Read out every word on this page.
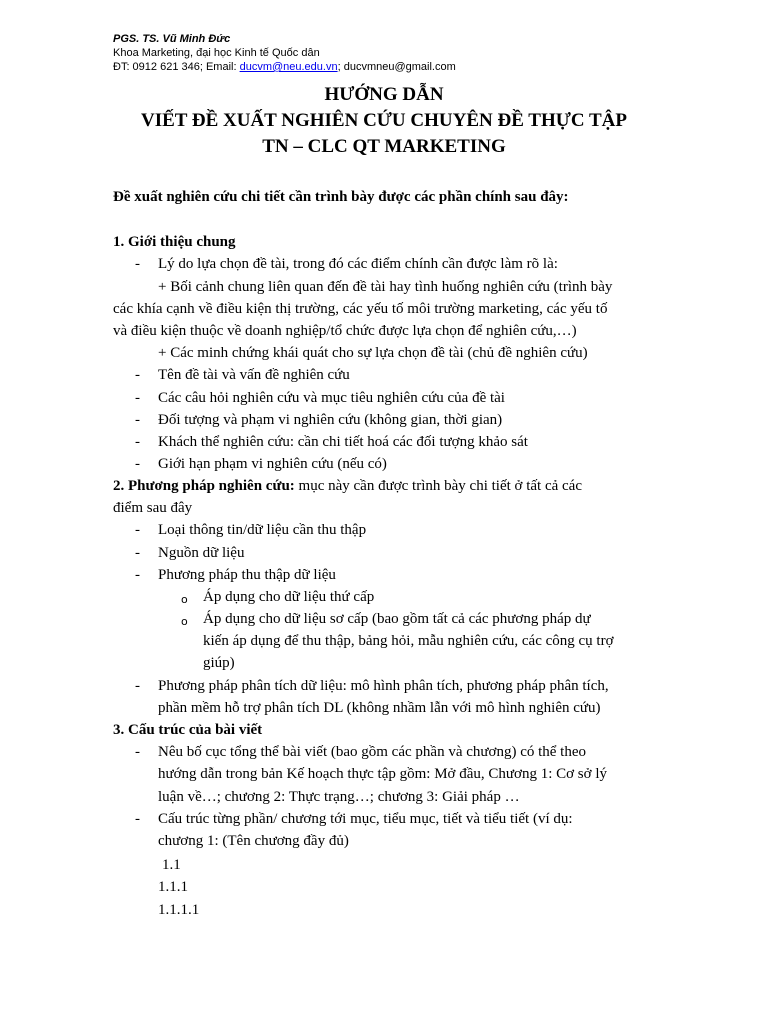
PGS. TS. Vũ Minh Đức
Khoa Marketing, đại học Kinh tế Quốc dân
ĐT: 0912 621 346; Email: ducvm@neu.edu.vn; ducvmneu@gmail.com
HƯỚNG DẪN
VIẾT ĐỀ XUẤT NGHIÊN CỨU CHUYÊN ĐỀ THỰC TẬP
TN – CLC QT MARKETING
Đề xuất nghiên cứu chi tiết cần trình bày được các phần chính sau đây:
1. Giới thiệu chung
- Lý do lựa chọn đề tài, trong đó các điểm chính cần được làm rõ là:
+ Bối cảnh chung liên quan đến đề tài hay tình huống nghiên cứu (trình bày
các khía cạnh về điều kiện thị trường, các yếu tố môi trường marketing, các yếu tố
và điều kiện thuộc về doanh nghiệp/tổ chức được lựa chọn để nghiên cứu,…)
+ Các minh chứng khái quát cho sự lựa chọn đề tài (chủ đề nghiên cứu)
- Tên đề tài và vấn đề nghiên cứu
- Các câu hỏi nghiên cứu và mục tiêu nghiên cứu của đề tài
- Đối tượng và phạm vi nghiên cứu (không gian, thời gian)
- Khách thể nghiên cứu: cần chi tiết hoá các đối tượng khảo sát
- Giới hạn phạm vi nghiên cứu (nếu có)
2. Phương pháp nghiên cứu: mục này cần được trình bày chi tiết ở tất cả các
điểm sau đây
- Loại thông tin/dữ liệu cần thu thập
- Nguồn dữ liệu
- Phương pháp thu thập dữ liệu
o Áp dụng cho dữ liệu thứ cấp
o Áp dụng cho dữ liệu sơ cấp (bao gồm tất cả các phương pháp dự
kiến áp dụng để thu thập, bảng hỏi, mẫu nghiên cứu, các công cụ trợ
giúp)
- Phương pháp phân tích dữ liệu: mô hình phân tích, phương pháp phân tích,
phần mềm hỗ trợ phân tích DL (không nhầm lẫn với mô hình nghiên cứu)
3. Cấu trúc của bài viết
- Nêu bố cục tổng thể bài viết (bao gồm các phần và chương) có thể theo
hướng dẫn trong bản Kế hoạch thực tập gồm: Mở đầu, Chương 1: Cơ sở lý
luận về…; chương 2: Thực trạng…; chương 3: Giải pháp …
- Cấu trúc từng phần/ chương tới mục, tiểu mục, tiết và tiểu tiết (ví dụ:
chương 1: (Tên chương đầy đủ)
1.1
1.1.1
1.1.1.1
